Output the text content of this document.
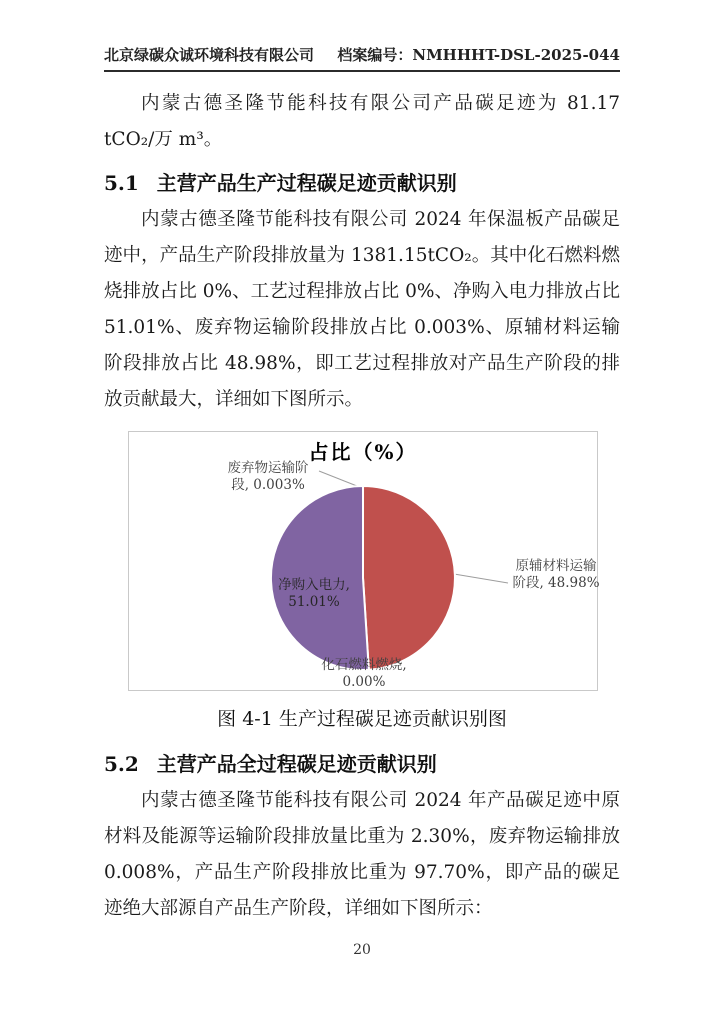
北京绿碳众诚环境科技有限公司 档案编号：NMHHHT-DSL-2025-044

内蒙古德圣隆节能科技有限公司产品碳足迹为 81.17 tCO₂/万 m³。

5.1 主营产品生产过程碳足迹贡献识别

内蒙古德圣隆节能科技有限公司 2024 年保温板产品碳足迹中，产品生产阶段排放量为 1381.15tCO₂。其中化石燃料燃烧排放占比 0%、工艺过程排放占比 0%、净购入电力排放占比 51.01%、废弃物运输阶段排放占比 0.003%、原辅材料运输阶段排放占比 48.98%，即工艺过程排放对产品生产阶段的排放贡献最大，详细如下图所示。

占比（%）
废弃物运输阶
段, 0.003%
原辅材料运输
阶段, 48.98%
净购入电力,
51.01%
化石燃料燃烧,
0.00%
图 4-1 生产过程碳足迹贡献识别图
5.2 主营产品全过程碳足迹贡献识别

内蒙古德圣隆节能科技有限公司 2024 年产品碳足迹中原材料及能源等运输阶段排放量比重为 2.30%，废弃物运输排放 0.008%，产品生产阶段排放比重为 97.70%，即产品的碳足迹绝大部源自产品生产阶段，详细如下图所示：

20
